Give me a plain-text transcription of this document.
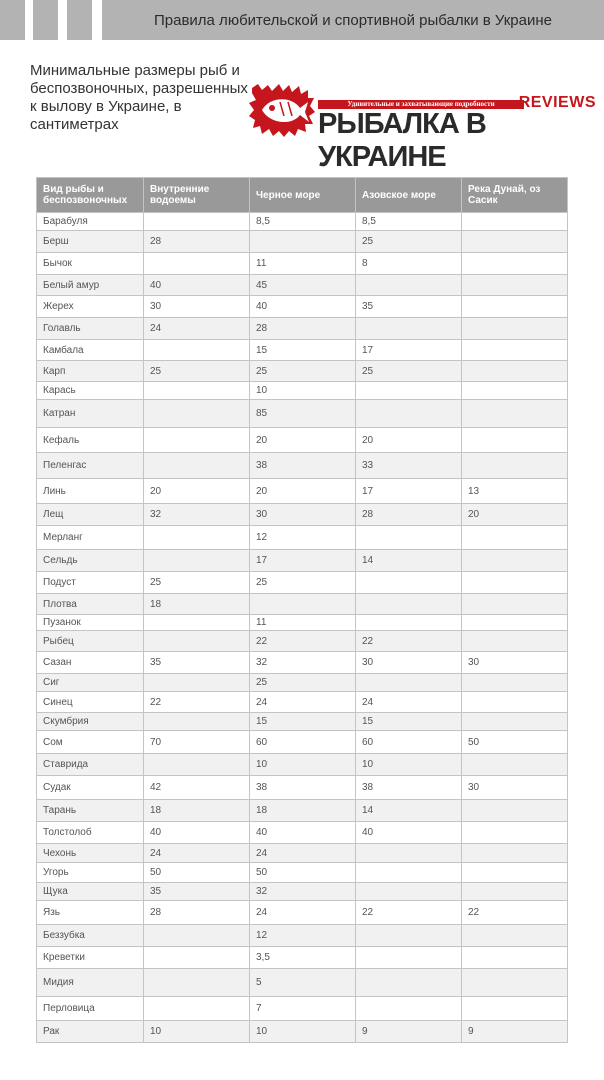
Правила любительской и спортивной рыбалки в Украине
Минимальные размеры рыб и беспозвоночных, разрешенных к вылову в Украине, в сантиметрах
Удивительные и захватывающие подробности	REVIEWS
РЫБАЛКА В УКРАИНЕ
Вид рыбы и беспозвоночных	Внутренние водоемы	Черное море	Азовское море	Река Дунай, оз Сасик
Барабуля		8,5	8,5	
Берш	28		25	
Бычок		11	8	
Белый амур	40	45		
Жерех	30	40	35	
Голавль	24	28		
Камбала		15	17	
Карп	25	25	25	
Карась		10		
Катран		85		
Кефаль		20	20	
Пеленгас		38	33	
Линь	20	20	17	13
Лещ	32	30	28	20
Мерланг		12		
Сельдь		17	14	
Подуст	25	25		
Плотва	18			
Пузанок		11		
Рыбец		22	22	
Сазан	35	32	30	30
Сиг		25		
Синец	22	24	24	
Скумбрия		15	15	
Сом	70	60	60	50
Ставрида		10	10	
Судак	42	38	38	30
Тарань	18	18	14	
Толстолоб	40	40	40	
Чехонь	24	24		
Угорь	50	50		
Щука	35	32		
Язь	28	24	22	22
Беззубка		12		
Креветки		3,5		
Мидия		5		
Перловица		7		
Рак	10	10	9	9
